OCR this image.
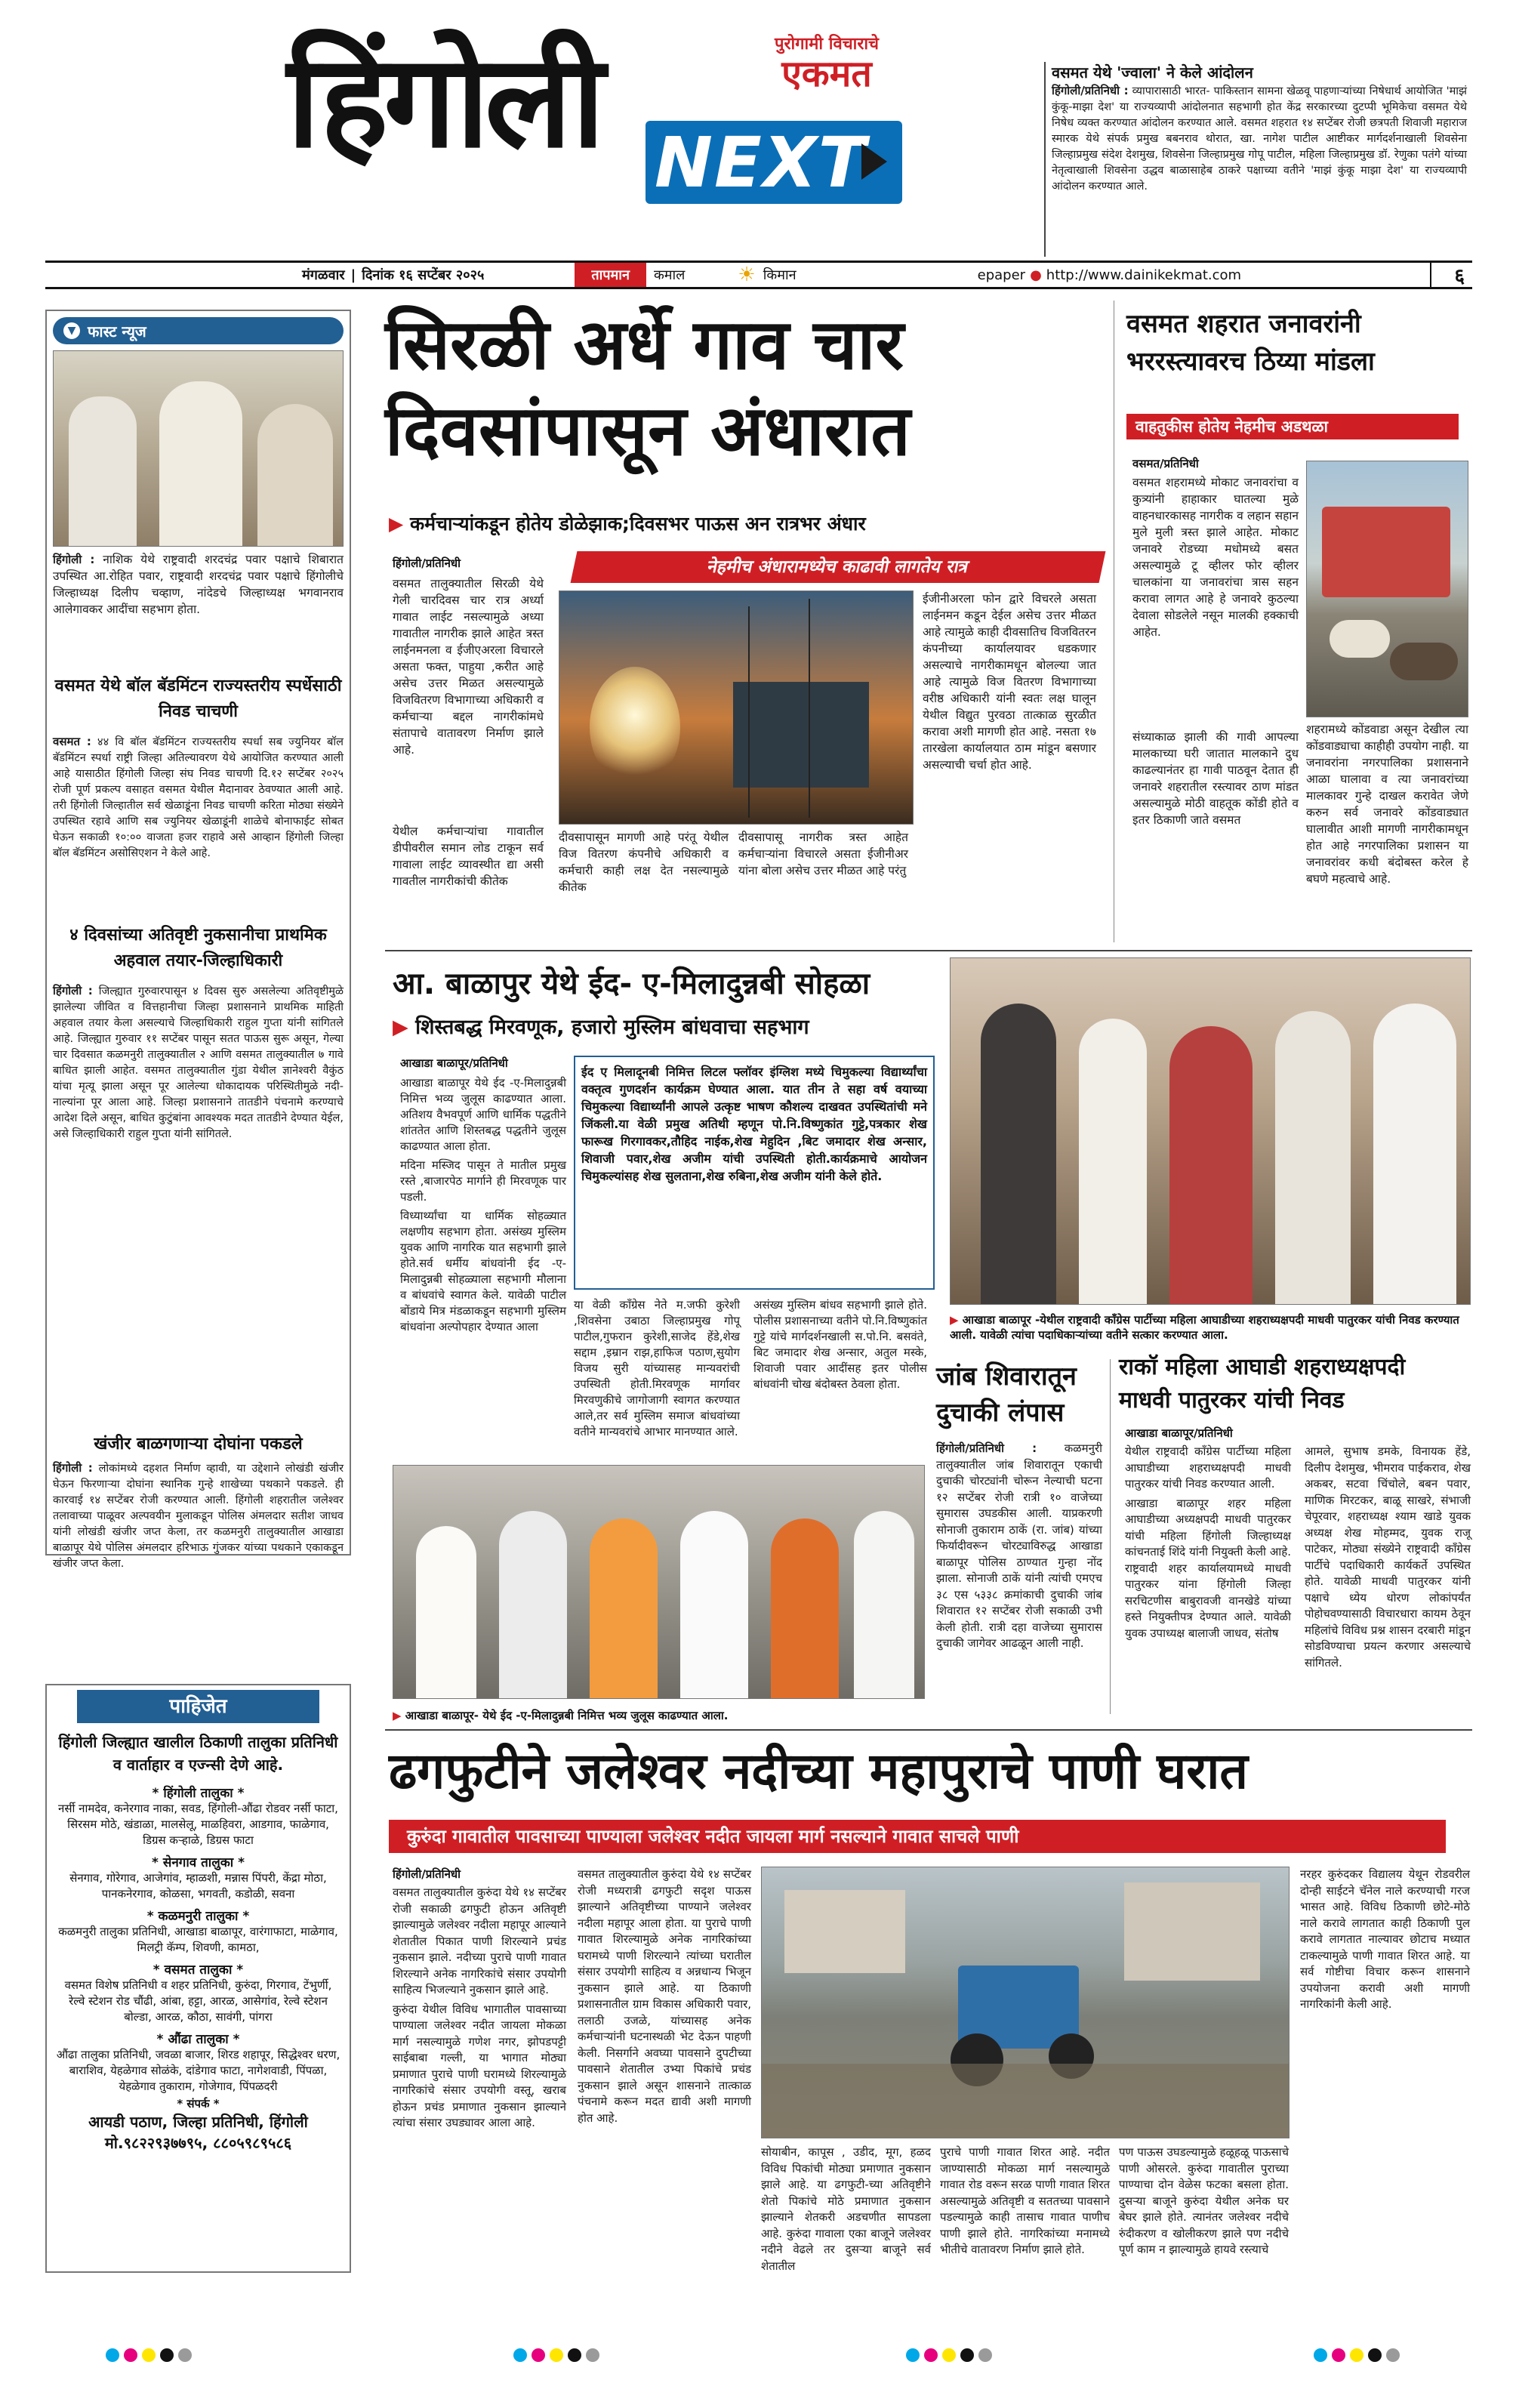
हिंगोली	पुरोगामी विचाराचे
एकमत
NEXT
वसमत येथे 'ज्वाला' ने केले आंदोलन
हिंगोली/प्रतिनिधी : व्यापारासाठी भारत- पाकिस्तान सामना खेळवू पाहणाऱ्यांच्या निषेधार्थ आयोजित 'माझं कुंकू-माझा देश' या राज्यव्यापी आंदोलनात सहभागी होत केंद्र सरकारच्या दुटप्पी भूमिकेचा वसमत येथे निषेध व्यक्त करण्यात आंदोलन करण्यात आले. वसमत शहरात १४ सप्टेंबर रोजी छत्रपती शिवाजी महाराज स्मारक येथे संपर्क प्रमुख बबनराव थोरात, खा. नागेश पाटील आष्टीकर मार्गदर्शनाखाली शिवसेना जिल्हाप्रमुख संदेश देशमुख, शिवसेना जिल्हाप्रमुख गोपू पाटील, महिला जिल्हाप्रमुख डॉ. रेणुका पतंगे यांच्या नेतृत्वाखाली शिवसेना उद्धव बाळासाहेब ठाकरे पक्षाच्या वतीने 'माझं कुंकू माझा देश' या राज्यव्यापी आंदोलन करण्यात आले.
मंगळवार | दिनांक १६ सप्टेंबर २०२५	तापमान	कमाल	☀ किमान	epaper ● http://www.dainikekmat.com	६
▼ फास्ट न्यूज
हिंगोली : नाशिक येथे राष्ट्रवादी शरदचंद्र पवार पक्षाचे शिबारात उपस्थित आ.रोहित पवार, राष्ट्रवादी शरदचंद्र पवार पक्षाचे हिंगोलीचे जिल्हाध्यक्ष दिलीप चव्हाण, नांदेडचे जिल्हाध्यक्ष भगवानराव आलेगावकर आदींचा सहभाग होता.
वसमत येथे बॉल बॅडमिंटन राज्यस्तरीय स्पर्धेसाठी निवड चाचणी
वसमत : ४४ वि बॉल बॅडमिंटन राज्यस्तरीय स्पर्धा सब ज्युनियर बॉल बॅडमिंटन स्पर्धा राष्ट्री जिल्हा अतिल्यावरण येथे आयोजित करण्यात आली आहे यासाठीत हिंगोली जिल्हा संघ निवड चाचणी दि.१२ सप्टेंबर २०२५ रोजी पूर्ण प्रकल्प वसाहत वसमत येथील मैदानावर ठेवण्यात आली आहे. तरी हिंगोली जिल्हातील सर्व खेळाडूंना निवड चाचणी करिता मोठ्या संख्येने उपस्थित रहावे आणि सब ज्युनियर खेळाडूंनी शाळेचे बोनाफाईट सोबत घेऊन सकाळी १०:०० वाजता हजर राहावे असे आव्हान हिंगोली जिल्हा बॉल बॅडमिंटन असोसिएशन ने केले आहे.
४ दिवसांच्या अतिवृष्टी नुकसानीचा प्राथमिक अहवाल तयार-जिल्हाधिकारी
हिंगोली : जिल्ह्यात गुरुवारपासून ४ दिवस सुरु असलेल्या अतिवृष्टीमुळे झालेल्या जीवित व वित्तहानीचा जिल्हा प्रशासनाने प्राथमिक माहिती अहवाल तयार केला असल्याचे जिल्हाधिकारी राहुल गुप्ता यांनी सांगितले आहे. जिल्ह्यात गुरुवार ११ सप्टेंबर पासून सतत पाऊस सुरू असून, गेल्या चार दिवसात कळमनुरी तालुक्यातील २ आणि वसमत तालुक्यातील ७ गावे बाधित झाली आहेत. वसमत तालुक्यातील गुंडा येथील ज्ञानेश्वरी वैकुंठ यांचा मृत्यू झाला असून पूर आलेल्या धोकादायक परिस्थितीमुळे नदी-नाल्यांना पूर आला आहे. जिल्हा प्रशासनाने तातडीने पंचनामे करण्याचे आदेश दिले असून, बाधित कुटुंबांना आवश्यक मदत तातडीने देण्यात येईल, असे जिल्हाधिकारी राहुल गुप्ता यांनी सांगितले.
खंजीर बाळगणाऱ्या दोघांना पकडले
हिंगोली : लोकांमध्ये दहशत निर्माण व्हावी, या उद्देशाने लोखंडी खंजीर घेऊन फिरणाऱ्या दोघांना स्थानिक गुन्हे शाखेच्या पथकाने पकडले. ही कारवाई १४ सप्टेंबर रोजी करण्यात आली. हिंगोली शहरातील जलेश्वर तलावाच्या पाळूवर अल्पवयीन मुलाकडून पोलिस अंमलदार सतीश जाधव यांनी लोखंडी खंजीर जप्त केला, तर कळमनुरी तालुक्यातील आखाडा बाळापूर येथे पोलिस अंमलदार हरिभाऊ गुंजकर यांच्या पथकाने एकाकडून खंजीर जप्त केला.
पाहिजेत
हिंगोली जिल्ह्यात खालील ठिकाणी तालुका प्रतिनिधी व वार्ताहार व एज्न्सी देणे आहे.
* हिंगोली तालुका *
नर्सी नामदेव, कनेरगाव नाका, सवड, हिंगोली-औंढा रोडवर नर्सी फाटा, सिरसम मोठे, खंडाळा, मालसेलू, माळहिवरा, आडगाव, फाळेगाव, डिग्रस कऱ्हाळे, डिग्रस फाटा
* सेनगाव तालुका *
सेनगाव, गोरेगाव, आजेगांव, म्हाळशी, मन्नास पिंपरी, केंद्रा मोठा, पानकनेरगाव, कोळसा, भगवती, कडोळी, सवना
* कळमनुरी तालुका *
कळमनुरी तालुका प्रतिनिधी, आखाडा बाळापूर, वारंगाफाटा, माळेगाव, मिलट्री कॅम्प, शिवणी, कामठा,
* वसमत तालुका *
वसमत विशेष प्रतिनिधी व शहर प्रतिनिधी, कुरुंदा, गिरगाव, टेंभुर्णी, रेल्वे स्टेशन रोड चौंढी, आंबा, हट्टा, आरळ, आसेगांव, रेल्वे स्टेशन बोल्डा, आरळ, कौठा, सावंगी, पांगरा
* औंढा तालुका *
औंढा तालुका प्रतिनिधी, जवळा बाजार, शिरड शहापूर, सिद्धेश्वर धरण, बाराशिव, येहळेगाव सोळंके, दांडेगाव फाटा, नागेशवाडी, पिंपळा, येहळेगाव तुकाराम, गोजेगाव, पिंपळदरी
* संपर्क *
आयडी पठाण, जिल्हा प्रतिनिधी, हिंगोली
मो.९८२२९३७७९५, ८८०५९८९५८६
सिरळी अर्धे गाव चार
दिवसांपासून अंधारात
▶ कर्मचाऱ्यांकडून होतेय डोळेझाक;दिवसभर पाऊस अन रात्रभर अंधार
नेहमीच अंधारामध्येच काढावी लागतेय रात्र
हिंगोली/प्रतिनिधी
वसमत तालुक्यातील सिरळी येथे गेली चारदिवस चार रात्र अर्ध्या गावात लाईट नसल्यामुळे अध्या गावातील नागरीक झाले आहेत त्रस्त लाईनमनला व ईजीएअरला विचारले असता फक्त, पाहुया ,करीत आहे असेच उत्तर मिळत असल्यामुळे विजवितरण विभागाच्या अधिकारी व कर्मचाऱ्या बद्दल नागरीकांमधे संतापाचे वातावरण निर्माण झाले आहे.
येथील कर्मचाऱ्यांचा गावातील डीपीवरील समान लोड टाकून सर्व गावाला लाईट व्यावस्थीत द्या असी गावतील नागरीकांची कीतेक
दीवसापासून मागणी आहे परंतू येथील विज वितरण कंपनीचे अधिकारी व कर्मचारी काही लक्ष देत नसल्यामुळे कीतेक
दीवसापासू नागरीक त्रस्त आहेत कर्मचाऱ्यांना विचारले असता ईजीनीअर यांना बोला असेच उत्तर मीळत आहे परंतु
ईजीनीअरला फोन द्वारे विचरले असता लाईनमन कडून देईल असेच उत्तर मीळत आहे त्यामुळे काही दीवसातिच विजवितरन कंपनीच्या कार्यालयावर धडकणार असल्याचे नागरीकामधून बोलल्या जात आहे त्यामुळे विज वितरण विभागाच्या वरीष्ठ अधिकारी यांनी स्वतः लक्ष घालून येथील विद्युत पुरवठा तात्काळ सुरळीत करावा अशी मागणी होत आहे. नसता १७ तारखेला कार्यालयात ठाम मांडून बसणार असल्याची चर्चा होत आहे.
वसमत शहरात जनावरांनी
भररस्त्यावरच ठिय्या मांडला
वाहतुकीस होतेय नेहमीच अडथळा
वसमत/प्रतिनिधी
वसमत शहरामध्ये मोकाट जनावरांचा व कुत्र्यांनी हाहाकार घातल्या मुळे वाहनधारकासह नागरीक व लहान सहान मुले मुली त्रस्त झाले आहेत. मोकाट जनावरे रोडच्या मधोमध्ये बसत असल्यामुळे टू व्हीलर फोर व्हीलर चालकांना या जनावरांचा त्रास सहन करावा लागत आहे हे जनावरे कुठल्या देवाला सोडलेले नसून मालकी हक्काची आहेत.
संध्याकाळ झाली की गावी आपल्या मालकाच्या घरी जातात मालकाने दुध काढल्यानंतर हा गावी पाठवून देतात ही जनावरे शहरातील रस्त्यावर ठाण मांडत असल्यामुळे मोठी वाहतूक कोंडी होते व इतर ठिकाणी जाते वसमत
शहरामध्ये कोंडवाडा असून देखील त्या कोंडवाड्याचा काहीही उपयोग नाही. या जनावरांना नगरपालिका प्रशासनाने आळा घालावा व त्या जनावरांच्या मालकावर गुन्हे दाखल करावेत जेणे करुन सर्व जनावरे कोंडवाड्यात घालावीत आशी मागणी नागरीकामधून होत आहे नगरपालिका प्रशासन या जनावरांवर कधी बंदोबस्त करेल हे बघणे महत्वाचे आहे.
आ. बाळापुर येथे ईद- ए-मिलादुन्नबी सोहळा
▶ शिस्तबद्ध मिरवणूक, हजारो मुस्लिम बांधवाचा सहभाग
आखाडा बाळापूर/प्रतिनिधी
आखाडा बाळापूर येथे ईद -ए-मिलादुन्नबी निमित्त भव्य जुलूस काढण्यात आला. अतिशय वैभवपूर्ण आणि धार्मिक पद्धतीने शांततेत आणि शिस्तबद्ध पद्धतीने जुलूस काढण्यात आला होता.
मदिना मस्जिद पासून ते मातील प्रमुख रस्ते ,बाजारपेठ मार्गाने ही मिरवणूक पार पडली.
विध्यार्थ्यांचा या धार्मिक सोहळ्यात लक्षणीय सहभाग होता. असंख्य मुस्लिम युवक आणि नागरिक यात सहभागी झाले होते.सर्व धर्मीय बांधवांनी ईद -ए-मिलादुन्नबी सोहळ्याला सहभागी मौलाना व बांधवांचे स्वागत केले. यावेळी पाटील बोंडाये मित्र मंडळाकडून सहभागी मुस्लिम बांधवांना अल्पोपहार देण्यात आला
ईद ए मिलादूनबी निमित्त लिटल फ्लॉवर इंग्लिश मध्ये चिमुकल्या विद्यार्थ्यांचा वक्तृत्व गुणदर्शन कार्यक्रम घेण्यात आला. यात तीन ते सहा वर्ष वयाच्या चिमुकल्या विद्यार्थ्यांनी आपले उत्कृष्ट भाषण कौशल्य दाखवत उपस्थितांची मने जिंकली.या वेळी प्रमुख अतिथी म्हणून पो.नि.विष्णुकांत गुट्टे,पत्रकार शेख फारूख गिरगावकर,तौहिद नाईक,शेख मेहुदिन ,बिट जमादार शेख अन्सार, शिवाजी पवार,शेख अजीम यांची उपस्थिती होती.कार्यक्रमाचे आयोजन चिमुकल्यांसह शेख सुलताना,शेख रुबिना,शेख अजीम यांनी केले होते.
या वेळी काँग्रेस नेते म.जफी कुरेशी ,शिवसेना उबाठा जिल्हाप्रमुख गोपू पाटील,गुफरान कुरेशी,साजेद हेंडे,शेख सद्दाम ,इम्रान राझ,हाफिज पठाण,सुयोग विजय सुरी यांच्यासह मान्यवरांची उपस्थिती होती.मिरवणूक मार्गावर मिरवणुकीचे जागोजागी स्वागत करण्यात आले,तर सर्व मुस्लिम समाज बांधवांच्या वतीने मान्यवरांचे आभार मानण्यात आले.
असंख्य मुस्लिम बांधव सहभागी झाले होते. पोलीस प्रशासनाच्या वतीने पो.नि.विष्णुकांत गुट्टे यांचे मार्गदर्शनखाली स.पो.नि. बसवंते, बिट जमादार शेख अन्सार, अतुल मस्के, शिवाजी पवार आदींसह इतर पोलीस बांधवांनी चोख बंदोबस्त ठेवला होता.
▶ आखाडा बाळापूर -येथील राष्ट्रवादी कॉंग्रेस पार्टीच्या महिला आघाडीच्या शहराध्यक्षपदी माधवी पातुरकर यांची निवड करण्यात आली. यावेळी त्यांचा पदाधिकाऱ्यांच्या वतीने सत्कार करण्यात आला.
▶ आखाडा बाळापूर- येथे ईद -ए-मिलादुन्नबी निमित्त भव्य जुलूस काढण्यात आला.
जांब शिवारातून
दुचाकी लंपास
हिंगोली/प्रतिनिधी : कळमनुरी तालुक्यातील जांब शिवारातून एकाची दुचाकी चोरट्यांनी चोरून नेल्याची घटना १२ सप्टेंबर रोजी रात्री १० वाजेच्या सुमारास उघडकीस आली. याप्रकरणी सोनाजी तुकाराम ठाकें (रा. जांब) यांच्या फिर्यादीवरून चोरट्याविरुद्ध आखाडा बाळापूर पोलिस ठाण्यात गुन्हा नोंद झाला. सोनाजी ठाकें यांनी त्यांची एमएच ३८ एस ५३३८ क्रमांकाची दुचाकी जांब शिवारात १२ सप्टेंबर रोजी सकाळी उभी केली होती. रात्री दहा वाजेच्या सुमारास दुचाकी जागेवर आढळून आली नाही.
राकॉ महिला आघाडी शहराध्यक्षपदी
माधवी पातुरकर यांची निवड
आखाडा बाळापूर/प्रतिनिधी
येथील राष्ट्रवादी काँग्रेस पार्टीच्या महिला आघाडीच्या शहराध्यक्षपदी माधवी पातुरकर यांची निवड करण्यात आली.
आखाडा बाळापूर शहर महिला आघाडीच्या अध्यक्षपदी माधवी पातुरकर यांची महिला हिंगोली जिल्हाध्यक्ष कांचनताई शिंदे यांनी नियुक्ती केली आहे. राष्ट्रवादी शहर कार्यालयामध्ये माधवी पातुरकर यांना हिंगोली जिल्हा सरचिटणीस बाबुरावजी वानखेडे यांच्या हस्ते नियुक्तीपत्र देण्यात आले. यावेळी युवक उपाध्यक्ष बालाजी जाधव, संतोष
आमले, सुभाष डमके, विनायक हेंडे, दिलीप देशमुख, भीमराव पाईकराव, शेख अकबर, सटवा चिंचोले, बबन पवार, माणिक मिरटकर, बाळू साखरे, संभाजी चेपूरवार, शहराध्यक्ष श्याम खाडे युवक अध्यक्ष शेख मोहम्मद, युवक राजू पाटेकर, मोठ्या संख्येने राष्ट्रवादी काँग्रेस पार्टीचे पदाधिकारी कार्यकर्ते उपस्थित होते. यावेळी माधवी पातुरकर यांनी पक्षाचे ध्येय धोरण लोकांपर्यंत पोहोचवण्यासाठी विचारधारा कायम ठेवून महिलांचे विविध प्रश्न शासन दरबारी मांडून सोडविण्याचा प्रयत्न करणार असल्याचे सांगितले.
ढगफुटीने जलेश्वर नदीच्या महापुराचे पाणी घरात
कुरुंदा गावातील पावसाच्या पाण्याला जलेश्वर नदीत जायला मार्ग नसल्याने गावात साचले पाणी
हिंगोली/प्रतिनिधी
वसमत तालुक्यातील कुरुंदा येथे १४ सप्टेंबर रोजी सकाळी ढगफुटी होऊन अतिवृष्टी झाल्यामुळे जलेश्वर नदीला महापूर आल्याने शेतातील पिकात पाणी शिरल्याने प्रचंड नुकसान झाले. नदीच्या पुराचे पाणी गावात शिरल्याने अनेक नागरिकांचे संसार उपयोगी साहित्य भिजल्याने नुकसान झाले आहे.
कुरुंदा येथील विविध भागातील पावसाच्या पाण्याला जलेश्वर नदीत जायला मोकळा मार्ग नसल्यामुळे गणेश नगर, झोपडपट्टी साईबाबा गल्ली, या भागात मोठ्या प्रमाणात पुराचे पाणी घरामध्ये शिरल्यामुळे नागरिकांचे संसार उपयोगी वस्तू, खराब होऊन प्रचंड प्रमाणात नुकसान झाल्याने त्यांचा संसार उघड्यावर आला आहे.
वसमत तालुक्यातील कुरुंदा येथे १४ सप्टेंबर रोजी मध्यरात्री ढगफुटी सदृश पाऊस झाल्याने अतिवृष्टीच्या पाण्याने जलेश्वर नदीला महापूर आला होता. या पुराचे पाणी गावात शिरल्यामुळे अनेक नागरिकांच्या घरामध्ये पाणी शिरल्याने त्यांच्या घरातील संसार उपयोगी साहित्य व अन्नधान्य भिजून नुकसान झाले आहे. या ठिकाणी प्रशासनातील ग्राम विकास अधिकारी पवार, तलाठी उजळे, यांच्यासह अनेक कर्मचाऱ्यांनी घटनास्थळी भेट देऊन पाहणी केली. निसर्गाने अवघ्या पावसाने दुपटीच्या पावसाने शेतातील उभ्या पिकांचे प्रचंड नुकसान झाले असून शासनाने तात्काळ पंचनामे करून मदत द्यावी अशी मागणी होत आहे.
सोयाबीन, कापूस , उडीद, मूग, हळद विविध पिकांची मोठ्या प्रमाणात नुकसान झाले आहे. या ढगफुटी-च्या अतिवृष्टीने शेतो पिकांचे मोठे प्रमाणात नुकसान झाल्याने शेतकरी अडचणीत सापडला आहे. कुरुंदा गावाला एका बाजूने जलेश्वर नदीने वेढले तर दुसऱ्या बाजूने सर्व शेतातील
पुराचे पाणी गावात शिरत आहे. नदीत जाण्यासाठी मोकळा मार्ग नसल्यामुळे गावात रोड वरून सरळ पाणी गावात शिरत असल्यामुळे अतिवृष्टी व सततच्या पावसाने पडल्यामुळे काही तासाच गावात पाणीच पाणी झाले होते. नागरिकांच्या मनामध्ये भीतीचे वातावरण निर्माण झाले होते.
पण पाऊस उघडल्यामुळे हळूहळू पाऊसाचे पाणी ओसरले. कुरुंदा गावातील पुराच्या पाण्याचा दोन वेळेस फटका बसला होता. दुसऱ्या बाजूने कुरुंदा येथील अनेक घर बेघर झाले होते. त्यानंतर जलेश्वर नदीचे रुंदीकरण व खोलीकरण झाले पण नदीचे पूर्ण काम न झाल्यामुळे हायवे रस्त्याचे
नरहर कुरुंदकर विद्यालय येथून रोडवरील दोन्ही साईटने चॅनेल नाले करण्याची गरज भासत आहे. विविध ठिकाणी छोटे-मोठे नाले करावे लागतात काही ठिकाणी पुल करावे लागतात नाल्यावर छोटाच मध्यात टाकल्यामुळे पाणी गावात शिरत आहे. या सर्व गोष्टीचा विचार करून शासनाने उपयोजना करावी अशी मागणी नागरिकांनी केली आहे.
